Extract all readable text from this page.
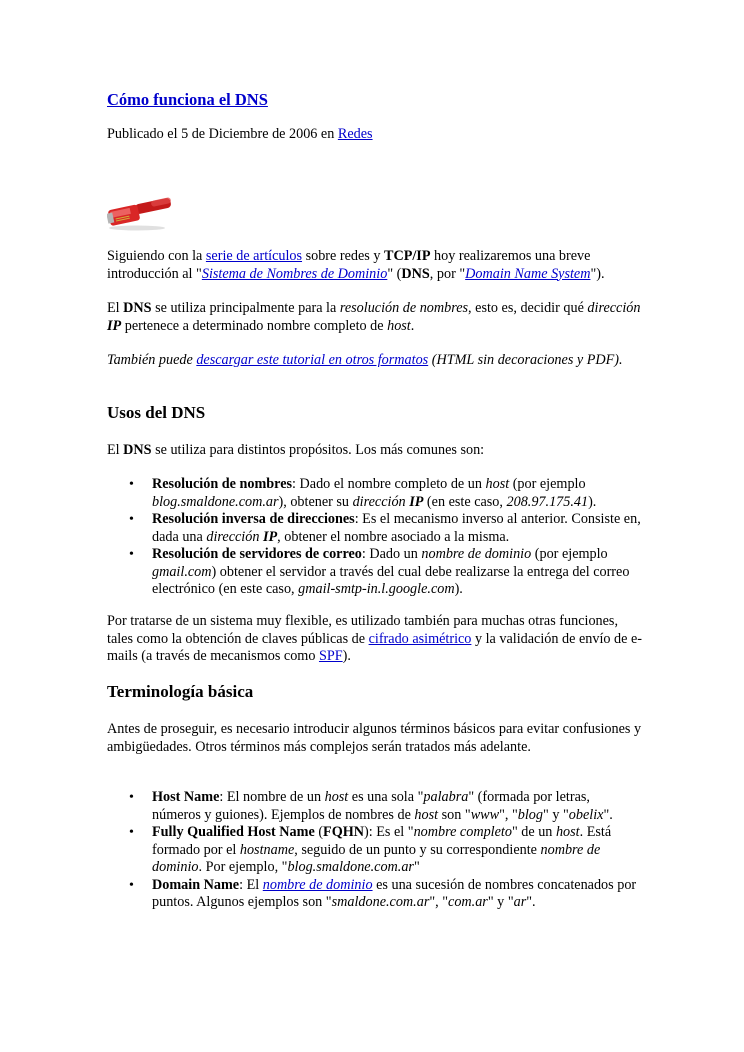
Cómo funciona el DNS
Publicado el 5 de Diciembre de 2006 en Redes

Siguiendo con la serie de artículos sobre redes y TCP/IP hoy realizaremos una breve introducción al "Sistema de Nombres de Dominio" (DNS, por "Domain Name System").

El DNS se utiliza principalmente para la resolución de nombres, esto es, decidir qué dirección IP pertenece a determinado nombre completo de host.

También puede descargar este tutorial en otros formatos (HTML sin decoraciones y PDF).

Usos del DNS
El DNS se utiliza para distintos propósitos. Los más comunes son:
• Resolución de nombres: Dado el nombre completo de un host (por ejemplo blog.smaldone.com.ar), obtener su dirección IP (en este caso, 208.97.175.41).
• Resolución inversa de direcciones: Es el mecanismo inverso al anterior. Consiste en, dada una dirección IP, obtener el nombre asociado a la misma.
• Resolución de servidores de correo: Dado un nombre de dominio (por ejemplo gmail.com) obtener el servidor a través del cual debe realizarse la entrega del correo electrónico (en este caso, gmail-smtp-in.l.google.com).

Por tratarse de un sistema muy flexible, es utilizado también para muchas otras funciones, tales como la obtención de claves públicas de cifrado asimétrico y la validación de envío de e-mails (a través de mecanismos como SPF).

Terminología básica

Antes de proseguir, es necesario introducir algunos términos básicos para evitar confusiones y ambigüedades. Otros términos más complejos serán tratados más adelante.

• Host Name: El nombre de un host es una sola "palabra" (formada por letras, números y guiones). Ejemplos de nombres de host son "www", "blog" y "obelix".
• Fully Qualified Host Name (FQHN): Es el "nombre completo" de un host. Está formado por el hostname, seguido de un punto y su correspondiente nombre de dominio. Por ejemplo, "blog.smaldone.com.ar"
• Domain Name: El nombre de dominio es una sucesión de nombres concatenados por puntos. Algunos ejemplos son "smaldone.com.ar", "com.ar" y "ar".
